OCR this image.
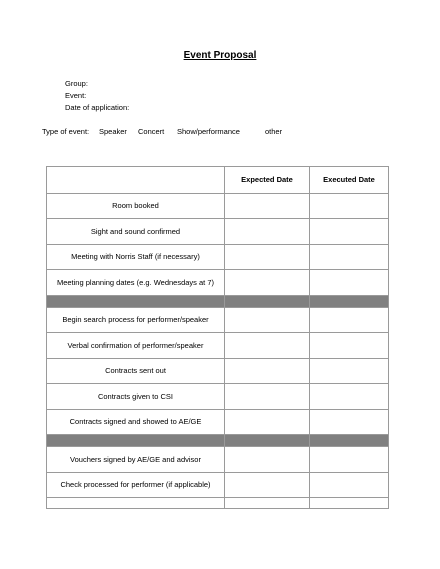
Event Proposal
Group:
Event:
Date of application:
Type of event: Speaker Concert Show/performance	other
	Expected Date	Executed Date
Room booked		
Sight and sound confirmed		
Meeting with Norris Staff (if necessary)		
Meeting planning dates (e.g. Wednesdays at 7)		

Begin search process for performer/speaker		
Verbal confirmation of performer/speaker		
Contracts sent out		
Contracts given to CSI		
Contracts signed and showed to AE/GE		

Vouchers signed by AE/GE and advisor		
Check processed for performer (if applicable)		
